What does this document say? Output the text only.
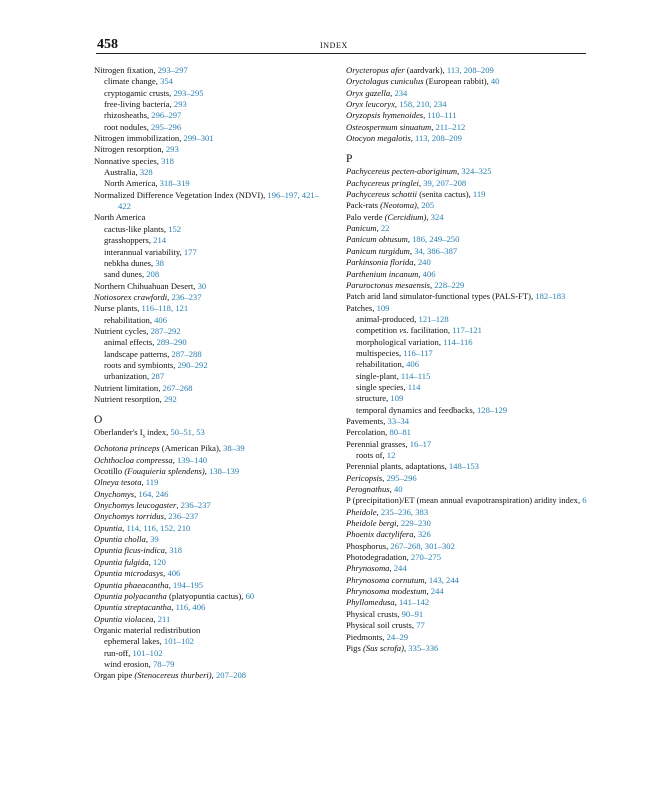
458	INDEX
Nitrogen fixation, 293–297
climate change, 354
cryptogamic crusts, 293–295
free-living bacteria, 293
rhizosheaths, 296–297
root nodules, 295–296
Nitrogen immobilization, 299–301
Nitrogen resorption, 293
Nonnative species, 318
Australia, 328
North America, 318–319
Normalized Difference Vegetation Index (NDVI), 196–197, 421–422
North America
cactus-like plants, 152
grasshoppers, 214
interannual variability, 177
nebkha dunes, 38
sand dunes, 208
Northern Chihuahuan Desert, 30
Notiosorex crawfordi, 236–237
Nurse plants, 116–118, 121
rehabilitation, 406
Nutrient cycles, 287–292
animal effects, 289–290
landscape patterns, 287–288
roots and symbionts, 290–292
urbanization, 287
Nutrient limitation, 267–268
Nutrient resorption, 292
O
Oberlander's $I_s$ index, 50–51, 53
Ochotona princeps (American Pika), 38–39
Ochthocloa compressa, 139–140
Ocotillo (Fouquieria splendens), 138–139
Olneya tesota, 119
Onychomys, 164, 246
Onychomys leucogaster, 236–237
Onychomys torridus, 236–237
Opuntia, 114, 116, 152, 210
Opuntia cholla, 39
Opuntia ficus-indica, 318
Opuntia fulgida, 120
Opuntia microdasys, 406
Opuntia phaeacantha, 194–195
Opuntia polyacantha (platyopuntia cactus), 60
Opuntia streptacantha, 116, 406
Opuntia violacea, 211
Organic material redistribution
ephemeral lakes, 101–102
run-off, 101–102
wind erosion, 78–79
Organ pipe (Stenocereus thurberi), 207–208
Orycteropus afer (aardvark), 113, 208–209
Oryctolagus cuniculus (European rabbit), 40
Oryx gazella, 234
Oryx leucoryx, 158, 210, 234
Oryzopsis hymenoides, 110–111
Osteospermum sinuatum, 211–212
Otocyon megalotis, 113, 208–209
P
Pachycereus pecten-aboriginum, 324–325
Pachycereus pringlei, 39, 207–208
Pachycereus schottii (senita cactus), 119
Pack-rats (Neotoma), 205
Palo verde (Cercidium), 324
Panicum, 22
Panicum obtusum, 186, 249–250
Panicum turgidum, 34, 386–387
Parkinsonia florida, 240
Parthenium incanum, 406
Paruroctonus mesaensis, 228–229
Patch arid land simulator-functional types (PALS-FT), 182–183
Patches, 109
animal-produced, 121–128
competition vs. facilitation, 117–121
morphological variation, 114–116
multispecies, 116–117
rehabilitation, 406
single-plant, 114–115
single species, 114
structure, 109
temporal dynamics and feedbacks, 128–129
Pavements, 33–34
Percolation, 80–81
Perennial grasses, 16–17
roots of, 12
Perennial plants, adaptations, 148–153
Pericopsis, 295–296
Perognathus, 40
P (precipitation)/ET (mean annual evapotranspiration) aridity index, 6
Pheidole, 235–236, 383
Pheidole bergi, 229–230
Phoenix dactylifera, 326
Phosphorus, 267–268, 301–302
Photodegradation, 270–275
Phrynosoma, 244
Phrynosoma cornutum, 143, 244
Phrynosoma modestum, 244
Phyllomedusa, 141–142
Physical crusts, 90–91
Physical soil crusts, 77
Piedmonts, 24–29
Pigs (Sus scrofa), 335–336
